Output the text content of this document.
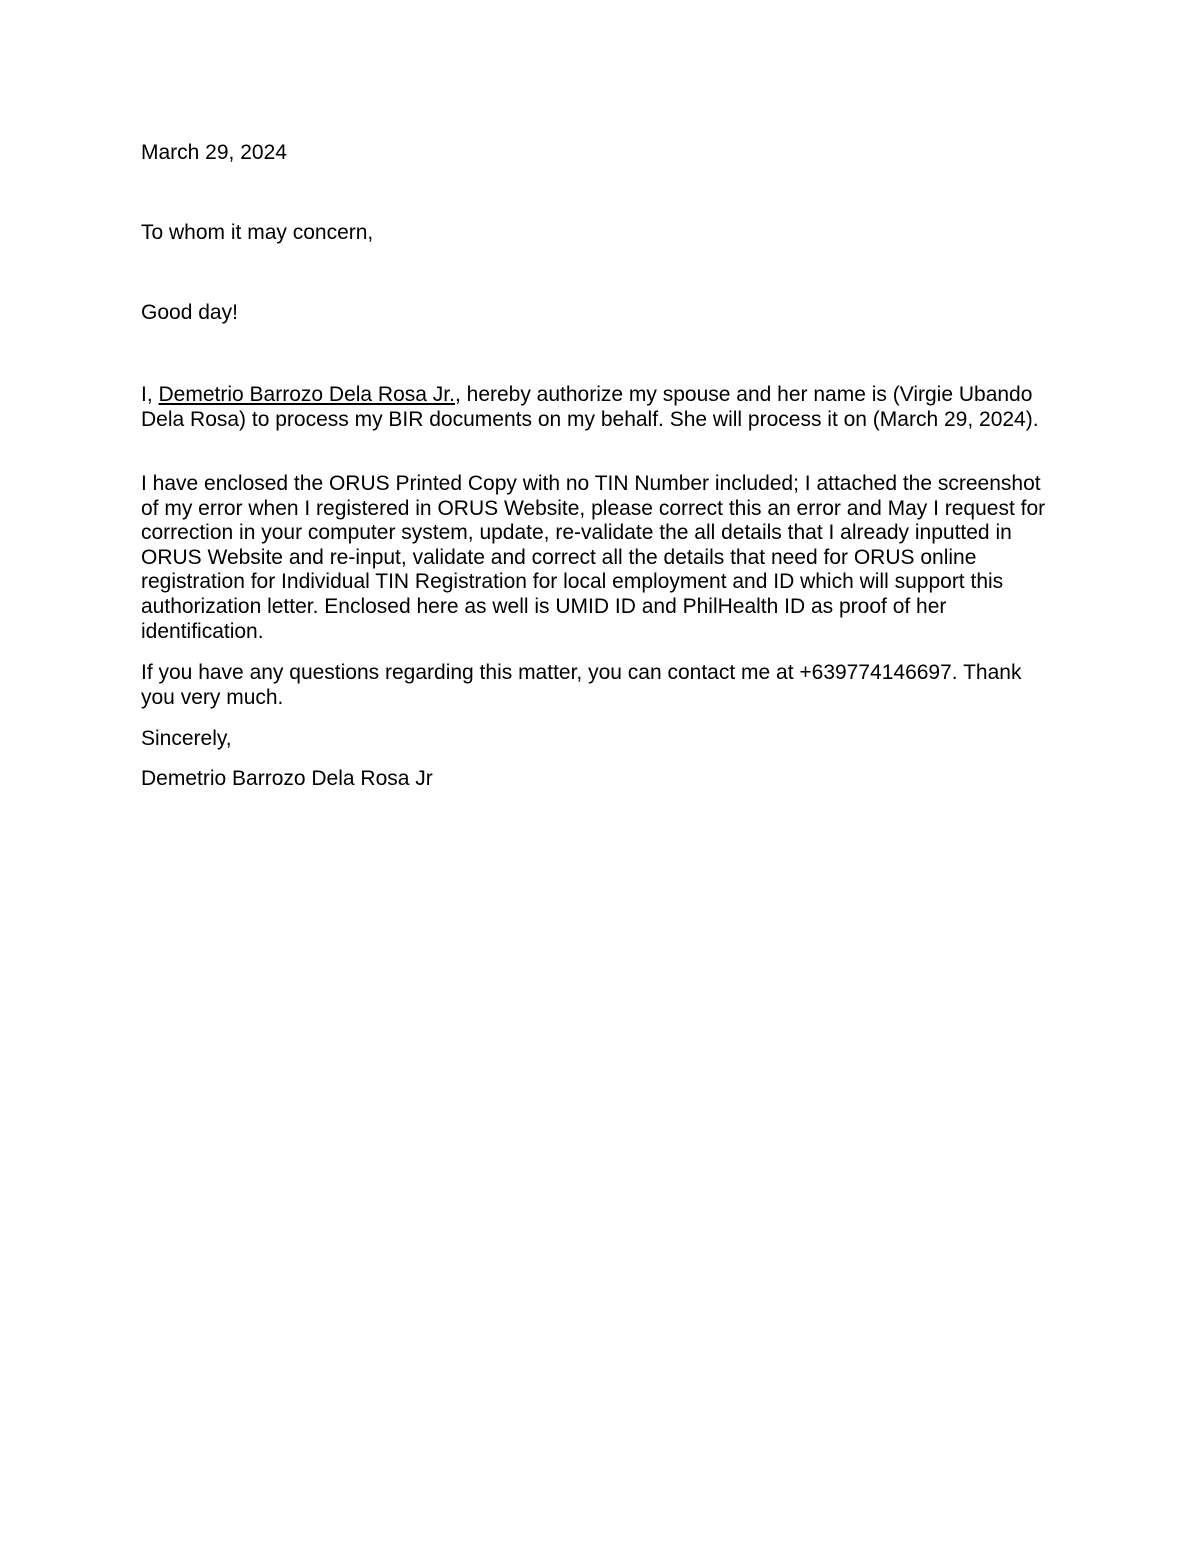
March 29, 2024

To whom it may concern,

Good day!

I, Demetrio Barrozo Dela Rosa Jr., hereby authorize my spouse and her name is (Virgie Ubando Dela Rosa) to process my BIR documents on my behalf. She will process it on (March 29, 2024).

I have enclosed the ORUS Printed Copy with no TIN Number included; I attached the screenshot of my error when I registered in ORUS Website, please correct this an error and May I request for correction in your computer system, update, re-validate the all details that I already inputted in ORUS Website and re-input, validate and correct all the details that need for ORUS online registration for Individual TIN Registration for local employment and ID which will support this authorization letter. Enclosed here as well is UMID ID and PhilHealth ID as proof of her identification.

If you have any questions regarding this matter, you can contact me at +639774146697. Thank you very much.

Sincerely,

Demetrio Barrozo Dela Rosa Jr
